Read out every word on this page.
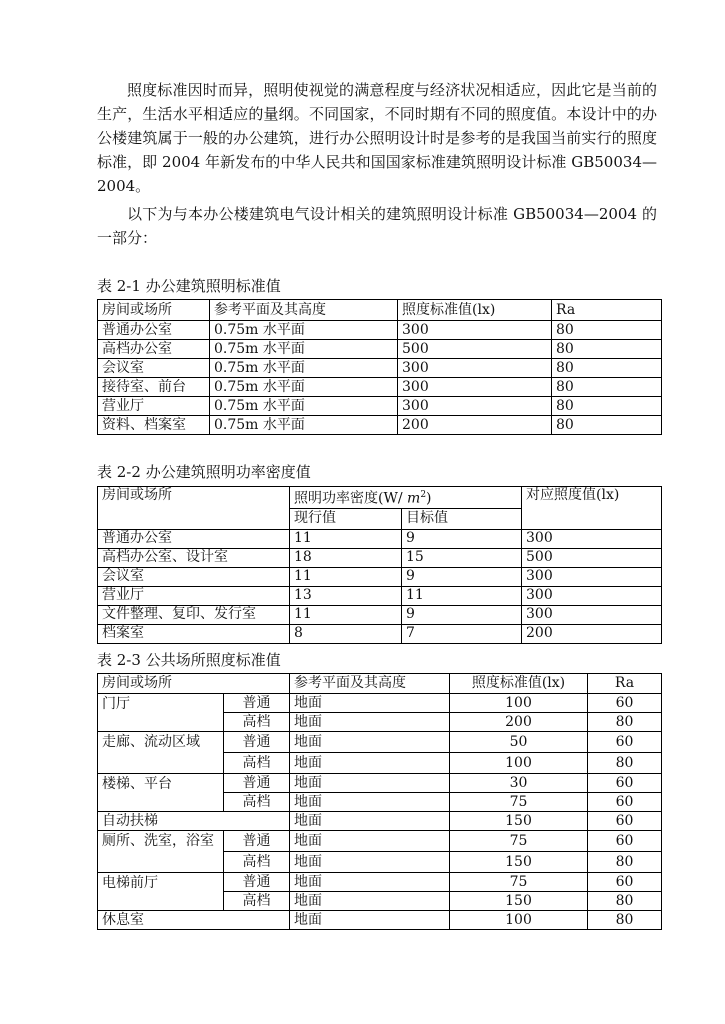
照度标准因时而异，照明使视觉的满意程度与经济状况相适应，因此它是当前的生产，生活水平相适应的量纲。不同国家，不同时期有不同的照度值。本设计中的办公楼建筑属于一般的办公建筑，进行办公照明设计时是参考的是我国当前实行的照度标准，即 2004 年新发布的中华人民共和国国家标准建筑照明设计标准 GB50034—2004。

以下为与本办公楼建筑电气设计相关的建筑照明设计标准 GB50034—2004 的一部分：

表 2-1 办公建筑照明标准值

房间或场所	参考平面及其高度	照度标准值(lx)	Ra
普通办公室	0.75m 水平面	300	80
高档办公室	0.75m 水平面	500	80
会议室	0.75m 水平面	300	80
接待室、前台	0.75m 水平面	300	80
营业厅	0.75m 水平面	300	80
资料、档案室	0.75m 水平面	200	80

表 2-2 办公建筑照明功率密度值

房间或场所	照明功率密度(W/ $m^2$)		对应照度值(lx)
	现行值	目标值	
普通办公室	11	9	300
高档办公室、设计室	18	15	500
会议室	11	9	300
营业厅	13	11	300
文件整理、复印、发行室	11	9	300
档案室	8	7	200

表 2-3 公共场所照度标准值

房间或场所		参考平面及其高度	照度标准值(lx)	Ra
门厅	普通	地面	100	60
	高档	地面	200	80
走廊、流动区域	普通	地面	50	60
	高档	地面	100	80
楼梯、平台	普通	地面	30	60
	高档	地面	75	60
自动扶梯		地面	150	60
厕所、洗室，浴室	普通	地面	75	60
	高档	地面	150	80
电梯前厅	普通	地面	75	60
	高档	地面	150	80
休息室		地面	100	80
